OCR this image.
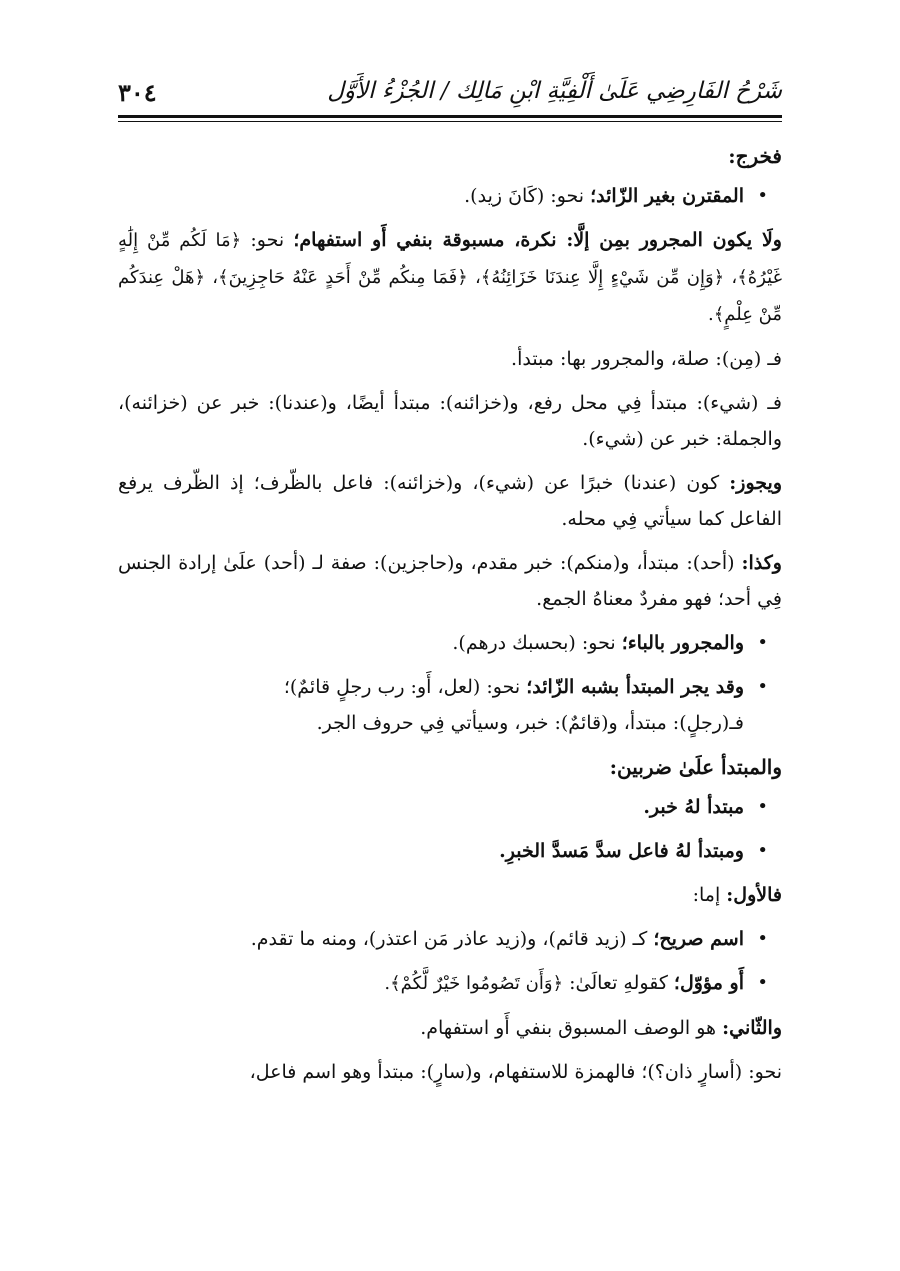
شَرْحُ الفَارِضِي عَلَىٰ أَلْفِيَّةِ ابْنِ مَالِك / الجُزْءُ الأَوَّل
٣٠٤

فخرج:

• المقترن بغير الزّائد؛ نحو: (كَانَ زيد).

ولَا يكون المجرور بمِن إلَّا: نكرة، مسبوقة بنفي أَو استفهام؛ نحو: ﴿مَا لَكُم مِّنْ إِلَٰهٍ غَيْرُهُ﴾، ﴿وَإِن مِّن شَيْءٍ إِلَّا عِندَنَا خَزَائِنُهُ﴾، ﴿فَمَا مِنكُم مِّنْ أَحَدٍ عَنْهُ حَاجِزِينَ﴾، ﴿هَلْ عِندَكُم مِّنْ عِلْمٍ﴾.

فـ (مِن): صلة، والمجرور بها: مبتدأ.

فـ (شيء): مبتدأ فِي محل رفع، و(خزائنه): مبتدأ أيضًا، و(عندنا): خبر عن (خزائنه)، والجملة: خبر عن (شيء).

ويجوز: كون (عندنا) خبرًا عن (شيء)، و(خزائنه): فاعل بالظّرف؛ إذ الظّرف يرفع الفاعل كما سيأتي فِي محله.

وكذا: (أحد): مبتدأ، و(منكم): خبر مقدم، و(حاجزين): صفة لـ (أحد) علَىٰ إرادة الجنس فِي أحد؛ فهو مفردٌ معناهُ الجمع.

• والمجرور بالباء؛ نحو: (بحسبك درهم).
• وقد يجر المبتدأ بشبه الزّائد؛ نحو: (لعل، أَو: رب رجلٍ قائمٌ)؛
فـ(رجلٍ): مبتدأ، و(قائمٌ): خبر، وسيأتي فِي حروف الجر.

والمبتدأ علَىٰ ضربين:

• مبتدأ لهُ خبر.
• ومبتدأ لهُ فاعل سدَّ مَسدَّ الخبرِ.

فالأول: إما:

• اسم صريح؛ كـ (زيد قائم)، و(زيد عاذر مَن اعتذر)، ومنه ما تقدم.
• أَو مؤوّل؛ كقولهِ تعالَىٰ: ﴿وَأَن تَصُومُوا خَيْرٌ لَّكُمْ﴾.

والثّاني: هو الوصف المسبوق بنفي أَو استفهام.

نحو: (أسارٍ ذان؟)؛ فالهمزة للاستفهام، و(سارٍ): مبتدأ وهو اسم فاعل،
